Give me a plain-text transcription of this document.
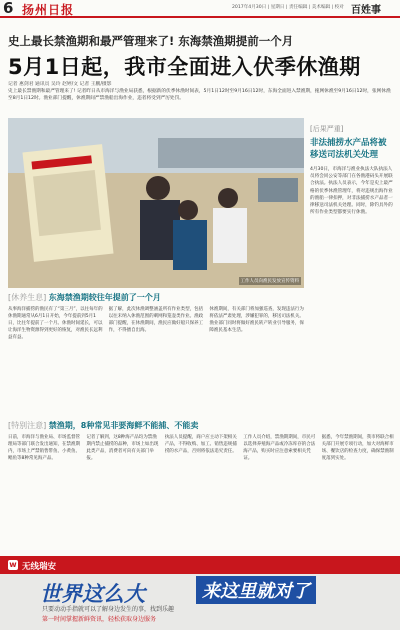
6 扬州日报	2017年4月30日 | 星期日 | 责任编辑 | 美术编辑 | 校对 百姓事
史上最长禁渔期和最严管理来了! 东海禁渔期提前一个月
5月1日起，我市全面进入伏季休渔期
记者 惠剑君 通讯员 吴玲 赵婷/文 记者 王鹏/摄影
史上最长禁渔期和最严管理来了! 记者昨日从市海洋与渔业局获悉，根据新的伏季休渔时间表，5月1日12时至9月16日12时，东海全面进入禁渔期，拖网休渔至9月16日12时，张网休渔至8月1日12时。渔业部门提醒，休渔期间严禁渔船出海作业，违者将受到严厉处罚。
工作人员向渔民发放宣传资料
[后果严重]
非法捕捞水产品将被移送司法机关处理
4月30日，市海洋与渔业执法大队执法人员将会同公安等部门在各渔港码头开展联合执法。执法人员表示，今年是史上最严格的伏季休渔管理年，将对违规出海作业的渔船一律扣押，对非法捕捞水产品者一律移送司法机关处理。同时，除钓具外的所有作业类型都要实行休渔。
[休养生息] 东海禁渔期较往年提前了一个月
从事海洋捕捞的渔民有了“第三月”，以往每年的休渔期通常从6月1日开始，今年提前到5月1日，比往年提前了一个月。休渔时间延长，可以让海洋生物资源得到更好的恢复，对渔民长远利益有益。
据了解，此次休渔调整涵盖所有作业类型，包括以往未纳入休渔范围的刺网和笼壶类作业。渔政部门提醒，在休渔期间，渔民应做好船只保养工作，不得擅自出海。
休渔期间，有关部门将加强巡查，发现违法行为将依法严肃处理，涉嫌犯罪的，移送司法机关。渔业部门同时将做好渔民转产转业引导服务，保障渔民基本生活。
[特别注意] 禁渔期，8种常见非要海鲜不能捕、不能卖
日前，市海洋与渔业局、市场监督管理局等部门联合发出通知，在禁渔期内，市场上严禁销售带鱼、小黄鱼、鲳鱼等8种常见海产品。
记者了解到，这8种海产品均为禁渔期内禁止捕捞的品种，市场上如出现此类产品，消费者可向有关部门举报。
执法人员提醒，商户应主动下架相关产品，不得收购、加工、销售违规捕捞的水产品，否则将依法追究责任。
工作人员介绍，禁渔期期间，市民可以选择养殖海产品或冷冻库存的合法海产品，购买时应注意索要相关凭证。
据悉，今年禁渔期间，我市将联合相关部门开展专项行动，加大对海鲜市场、餐饮店的检查力度，确保禁渔制度落到实处。
w 无线瑞安
世界这么大	来这里就对了
只要动动手指就可以了解身边发生的事，找到乐趣
第一时间掌握新鲜资讯，轻松获取身边服务
